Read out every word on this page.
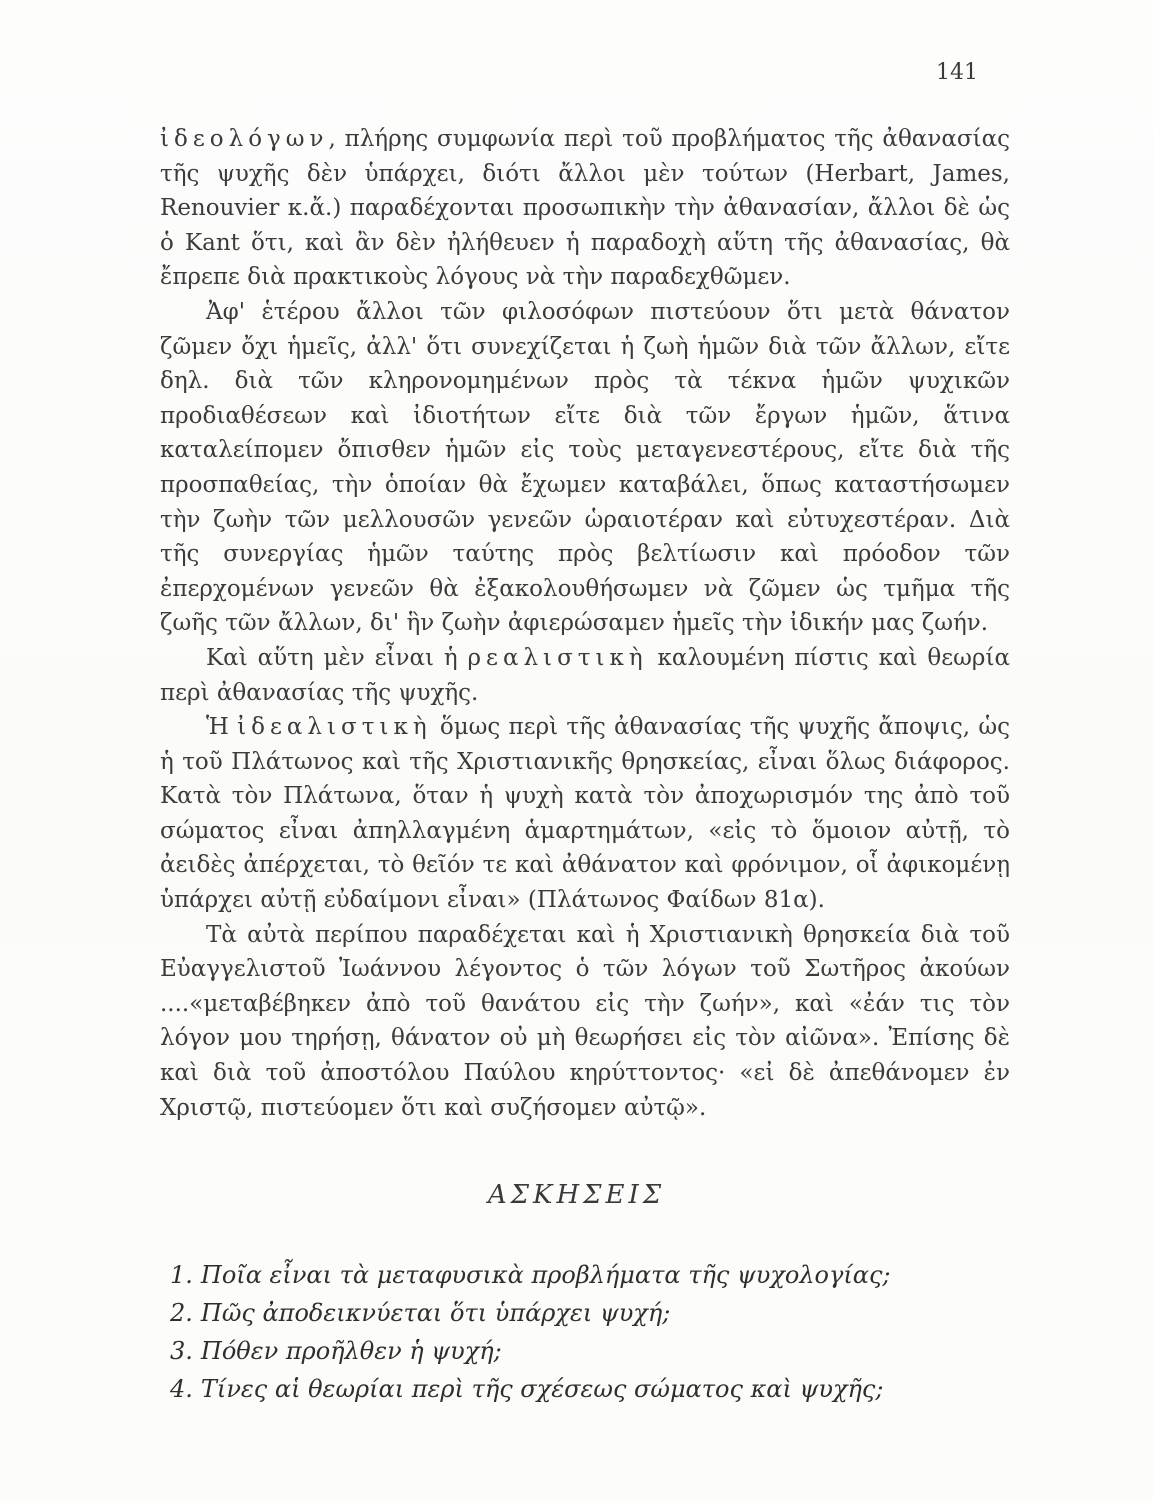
141

ἰδεολόγων, πλήρης συμφωνία περὶ τοῦ προβλήματος τῆς ἀθανασίας τῆς ψυχῆς δὲν ὑπάρχει, διότι ἄλλοι μὲν τούτων (Herbart, James, Renouvier κ.ἄ.) παραδέχονται προσωπικὴν τὴν ἀθανασίαν, ἄλλοι δὲ ὡς ὁ Kant ὅτι, καὶ ἂν δὲν ἠλήθευεν ἡ παραδοχὴ αὕτη τῆς ἀθανασίας, θὰ ἔπρεπε διὰ πρακτικοὺς λόγους νὰ τὴν παραδεχθῶμεν.

Ἀφ' ἑτέρου ἄλλοι τῶν φιλοσόφων πιστεύουν ὅτι μετὰ θάνατον ζῶμεν ὄχι ἡμεῖς, ἀλλ' ὅτι συνεχίζεται ἡ ζωὴ ἡμῶν διὰ τῶν ἄλλων, εἴτε δηλ. διὰ τῶν κληρονομημένων πρὸς τὰ τέκνα ἡμῶν ψυχικῶν προδιαθέσεων καὶ ἰδιοτήτων εἴτε διὰ τῶν ἔργων ἡμῶν, ἅτινα καταλείπομεν ὄπισθεν ἡμῶν εἰς τοὺς μεταγενεστέρους, εἴτε διὰ τῆς προσπαθείας, τὴν ὁποίαν θὰ ἔχωμεν καταβάλει, ὅπως καταστήσωμεν τὴν ζωὴν τῶν μελλουσῶν γενεῶν ὡραιοτέραν καὶ εὐτυχεστέραν. Διὰ τῆς συνεργίας ἡμῶν ταύτης πρὸς βελτίωσιν καὶ πρόοδον τῶν ἐπερχομένων γενεῶν θὰ ἐξακολουθήσωμεν νὰ ζῶμεν ὡς τμῆμα τῆς ζωῆς τῶν ἄλλων, δι' ἣν ζωὴν ἀφιερώσαμεν ἡμεῖς τὴν ἰδικήν μας ζωήν.

Καὶ αὕτη μὲν εἶναι ἡ ρεαλιστικὴ καλουμένη πίστις καὶ θεωρία περὶ ἀθανασίας τῆς ψυχῆς.

Ἡ ἰδεαλιστικὴ ὅμως περὶ τῆς ἀθανασίας τῆς ψυχῆς ἄποψις, ὡς ἡ τοῦ Πλάτωνος καὶ τῆς Χριστιανικῆς θρησκείας, εἶναι ὅλως διάφορος. Κατὰ τὸν Πλάτωνα, ὅταν ἡ ψυχὴ κατὰ τὸν ἀποχωρισμόν της ἀπὸ τοῦ σώματος εἶναι ἀπηλλαγμένη ἁμαρτημάτων, «εἰς τὸ ὅμοιον αὐτῇ, τὸ ἀειδὲς ἀπέρχεται, τὸ θεῖόν τε καὶ ἀθάνατον καὶ φρόνιμον, οἷ ἀφικομένῃ ὑπάρχει αὐτῇ εὐδαίμονι εἶναι» (Πλάτωνος Φαίδων 81α).

Τὰ αὐτὰ περίπου παραδέχεται καὶ ἡ Χριστιανικὴ θρησκεία διὰ τοῦ Εὐαγγελιστοῦ Ἰωάννου λέγοντος ὁ τῶν λόγων τοῦ Σωτῆρος ἀκούων ....«μεταβέβηκεν ἀπὸ τοῦ θανάτου εἰς τὴν ζωήν», καὶ «ἐάν τις τὸν λόγον μου τηρήσῃ, θάνατον οὐ μὴ θεωρήσει εἰς τὸν αἰῶνα». Ἐπίσης δὲ καὶ διὰ τοῦ ἀποστόλου Παύλου κηρύττοντος· «εἰ δὲ ἀπεθάνομεν ἐν Χριστῷ, πιστεύομεν ὅτι καὶ συζήσομεν αὐτῷ».

ΑΣΚΗΣΕΙΣ
1. Ποῖα εἶναι τὰ μεταφυσικὰ προβλήματα τῆς ψυχολογίας;
2. Πῶς ἀποδεικνύεται ὅτι ὑπάρχει ψυχή;
3. Πόθεν προῆλθεν ἡ ψυχή;
4. Τίνες αἱ θεωρίαι περὶ τῆς σχέσεως σώματος καὶ ψυχῆς;
